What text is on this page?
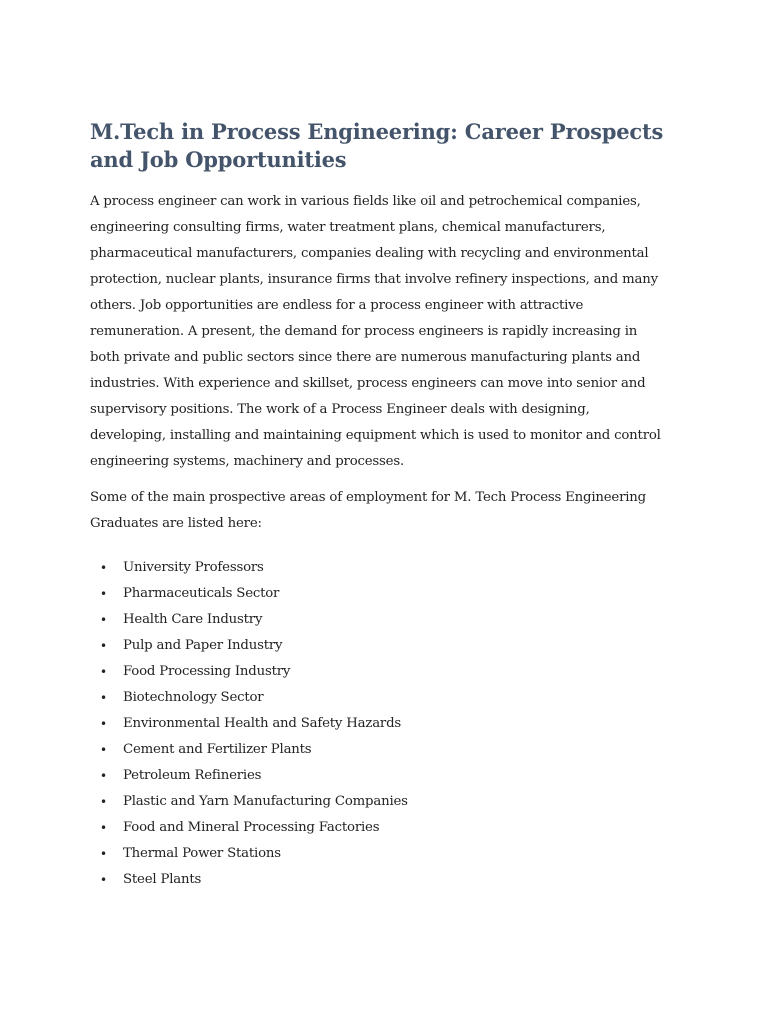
M.Tech in Process Engineering: Career Prospects and Job Opportunities

A process engineer can work in various fields like oil and petrochemical companies, engineering consulting firms, water treatment plans, chemical manufacturers, pharmaceutical manufacturers, companies dealing with recycling and environmental protection, nuclear plants, insurance firms that involve refinery inspections, and many others. Job opportunities are endless for a process engineer with attractive remuneration. A present, the demand for process engineers is rapidly increasing in both private and public sectors since there are numerous manufacturing plants and industries. With experience and skillset, process engineers can move into senior and supervisory positions. The work of a Process Engineer deals with designing, developing, installing and maintaining equipment which is used to monitor and control engineering systems, machinery and processes.

Some of the main prospective areas of employment for M. Tech Process Engineering Graduates are listed here:

• University Professors
• Pharmaceuticals Sector
• Health Care Industry
• Pulp and Paper Industry
• Food Processing Industry
• Biotechnology Sector
• Environmental Health and Safety Hazards
• Cement and Fertilizer Plants
• Petroleum Refineries
• Plastic and Yarn Manufacturing Companies
• Food and Mineral Processing Factories
• Thermal Power Stations
• Steel Plants
